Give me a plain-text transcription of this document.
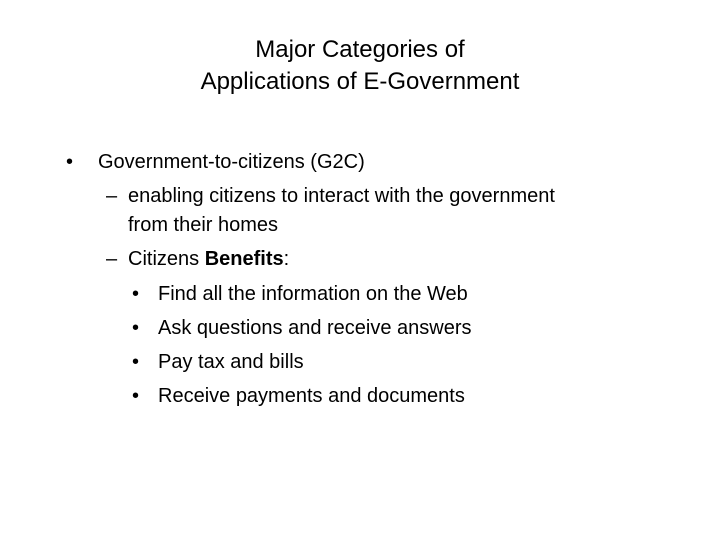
Major Categories of
Applications of E-Government
• Government-to-citizens (G2C)
– enabling citizens to interact with the government
from their homes
– Citizens Benefits:
• Find all the information on the Web
• Ask questions and receive answers
• Pay tax and bills
• Receive payments and documents
